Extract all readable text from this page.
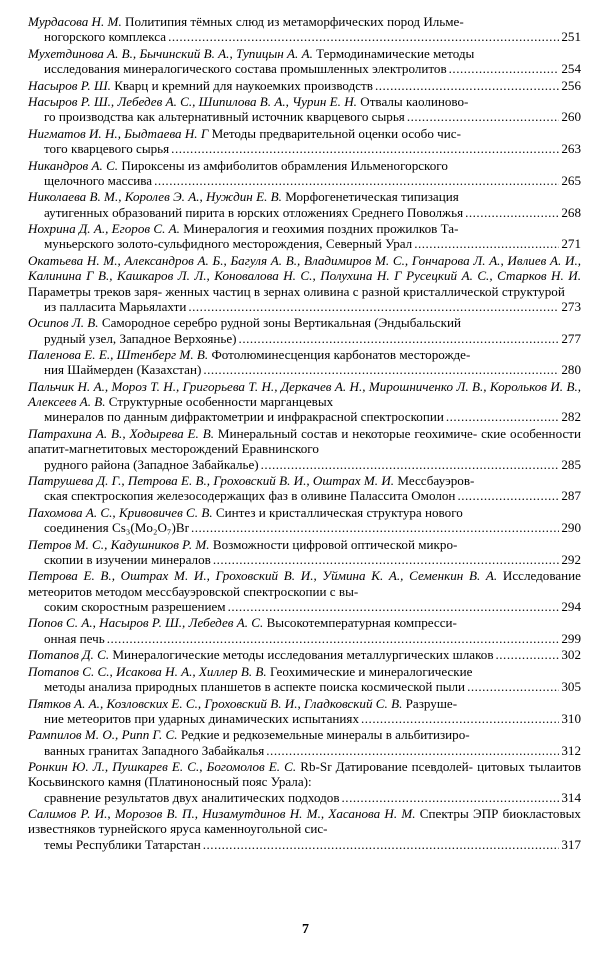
Мурдасова Н. М. Политипия тёмных слюд из метаморфических пород Ильме-
ногорского комплекса .....	251
Мухетдинова А. В., Бычинский В. А., Тупицын А. А. Термодинамические методы
исследования минералогического состава промышленных электролитов .....	254
Насыров Р. Ш. Кварц и кремний для наукоемких производств .....	256
Насыров Р. Ш., Лебедев А. С., Шипилова В. А., Чурин Е. Н. Отвалы каолиново-
го производства как альтернативный источник кварцевого сырья .....	260
Нигматов И. Н., Быдтаева Н. Г Методы предварительной оценки особо чис-
того кварцевого сырья .....	263
Никандров А. С. Пироксены из амфиболитов обрамления Ильменогорского
щелочного массива .....	265
Николаева В. М., Королев Э. А., Нуждин Е. В. Морфогенетическая типизация
аутигенных образований пирита в юрских отложениях Среднего Поволжья .....	268
Нохрина Д. А., Егоров С. А. Минералогия и геохимия поздних прожилков Та-
муньерского золото-сульфидного месторождения, Северный Урал .....	271
Окатьева Н. М., Александров А. Б., Багуля А. В., Владимиров М. С., Гончарова Л. А., Ивлиев А. И., Калинина Г В., Кашкаров Л. Л., Коновалова Н. С., Полухина Н. Г Русецкий А. С., Старков Н. И. Параметры треков заря- женных частиц в зернах оливина с разной кристаллической структурой
из палласита Марьялахти .....	273
Осипов Л. В. Самородное серебро рудной зоны Вертикальная (Эндыбальский
рудный узел, Западное Верхоянье) .....	277
Паленова Е. Е., Штенберг М. В. Фотолюминесценция карбонатов месторожде-
ния Шаймерден (Казахстан) .....	280
Пальчик Н. А., Мороз Т. Н., Григорьева Т. Н., Деркачев А. Н., Мирошниченко Л. В., Корольков И. В., Алексеев А. В. Структурные особенности марганцевых
минералов по данным дифрактометрии и инфракрасной спектроскопии .....	282
Патрахина А. В., Ходырева Е. В. Минеральный состав и некоторые геохимиче- ские особенности апатит-магнетитовых месторождений Еравнинского
рудного района (Западное Забайкалье) .....	285
Патрушева Д. Г., Петрова Е. В., Гроховский В. И., Оштрах М. И. Мессбауэров-
ская спектроскопия железосодержащих фаз в оливине Палассита Омолон .....	287
Пахомова А. С., Кривовичев С. В. Синтез и кристаллическая структура нового
соединения Cs₃(Mo₂O₇)Br .....	290
Петров М. С., Кадушников Р. М. Возможности цифровой оптической микро-
скопии в изучении минералов .....	292
Петрова Е. В., Оштрах М. И., Гроховский В. И., Уймина К. А., Семенкин В. А. Исследование метеоритов методом мессбауэровской спектроскопии с вы-
соким скоростным разрешением .....	294
Попов С. А., Насыров Р. Ш., Лебедев А. С. Высокотемпературная компресси-
онная печь .....	299
Потапов Д. С. Минералогические методы исследования металлургических шлаков .....	302
Потапов С. С., Исакова Н. А., Хиллер В. В. Геохимические и минералогические
методы анализа природных планшетов в аспекте поиска космической пыли .....	305
Пятков А. А., Козловских Е. С., Гроховский В. И., Гладковский С. В. Разруше-
ние метеоритов при ударных динамических испытаниях .....	310
Рампилов М. О., Рипп Г. С. Редкие и редкоземельные минералы в альбитизиро-
ванных гранитах Западного Забайкалья .....	312
Ронкин Ю. Л., Пушкарев Е. С., Богомолов Е. С. Rb-Sr Датирование псевдолей- цитовых тылаитов Косьвинского камня (Платиноносный пояс Урала):
сравнение результатов двух аналитических подходов .....	314
Салимов Р. И., Морозов В. П., Низамутдинов Н. М., Хасанова Н. М. Спектры ЭПР биокластовых известняков турнейского яруса каменноугольной сис-
темы Республики Татарстан .....	317
7
